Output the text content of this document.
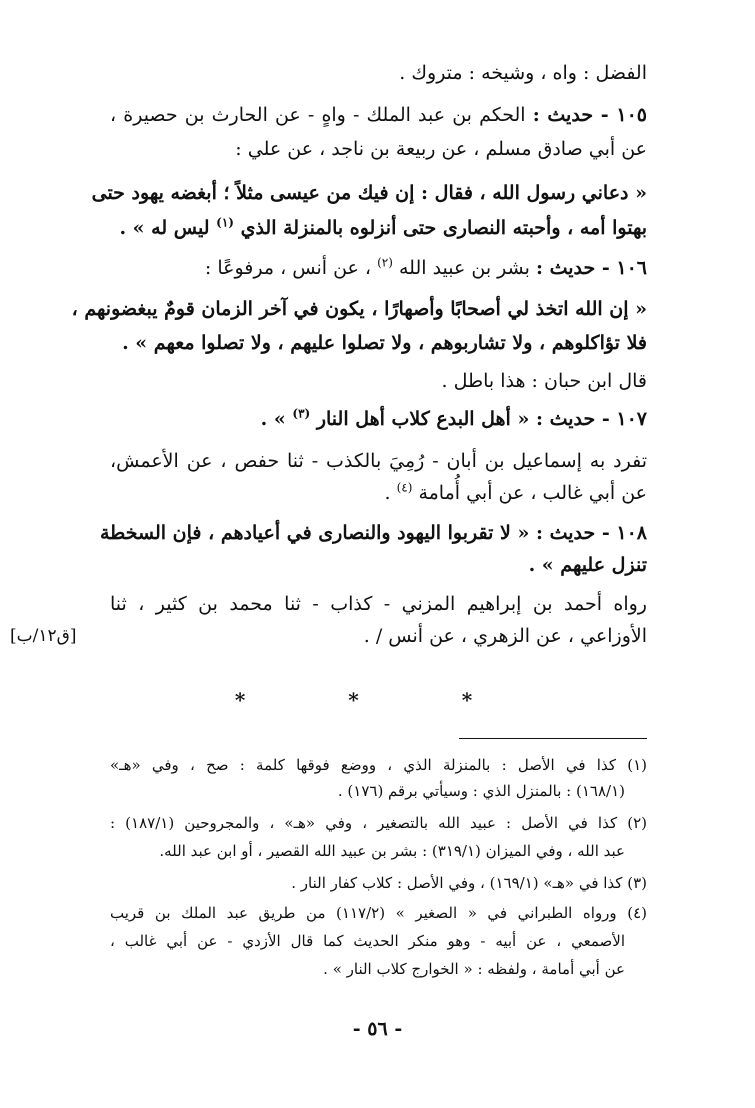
الفضل : واه ، وشيخه : متروك .
١٠٥ - حديث : الحكم بن عبد الملك - واهٍ - عن الحارث بن حصيرة ،
عن أبي صادق مسلم ، عن ربيعة بن ناجد ، عن علي :
« دعاني رسول الله ، فقال : إن فيك من عيسى مثلاً ؛ أبغضه يهود حتى
بهتوا أمه ، وأحبته النصارى حتى أنزلوه بالمنزلة الذي $^{(١)}$ ليس له » .
١٠٦ - حديث : بشر بن عبيد الله $^{(٢)}$ ، عن أنس ، مرفوعًا :
« إن الله اتخذ لي أصحابًا وأصهارًا ، يكون في آخر الزمان قومٌ يبغضونهم ،
فلا تؤاكلوهم ، ولا تشاربوهم ، ولا تصلوا عليهم ، ولا تصلوا معهم » .
قال ابن حبان : هذا باطل .
١٠٧ - حديث : « أهل البدع كلاب أهل النار $^{(٣)}$ » .
تفرد به إسماعيل بن أبان - رُمِيَ بالكذب - ثنا حفص ، عن الأعمش،
عن أبي غالب ، عن أبي أُمامة $^{(٤)}$ .
١٠٨ - حديث : « لا تقربوا اليهود والنصارى في أعيادهم ، فإن السخطة
تنزل عليهم » .
رواه أحمد بن إبراهيم المزني - كذاب - ثنا محمد بن كثير ، ثنا
الأوزاعي ، عن الزهري ، عن أنس / .
[ق١٢/ب]
* * *
(١) كذا في الأصل : بالمنزلة الذي ، ووضع فوقها كلمة : صح ، وفي «هـ»
(١٦٨/١) : بالمنزل الذي : وسيأتي برقم (١٧٦) .
(٢) كذا في الأصل : عبيد الله بالتصغير ، وفي «هـ» ، والمجروحين (١٨٧/١) :
عبد الله ، وفي الميزان (٣١٩/١) : بشر بن عبيد الله القصير ، أو ابن عبد الله.
(٣) كذا في «هـ» (١٦٩/١) ، وفي الأصل : كلاب كفار النار .
(٤) ورواه الطبراني في « الصغير » (١١٧/٢) من طريق عبد الملك بن قريب
الأصمعي ، عن أبيه - وهو منكر الحديث كما قال الأزدي - عن أبي غالب ،
عن أبي أمامة ، ولفظه : « الخوارج كلاب النار » .
- ٥٦ -
